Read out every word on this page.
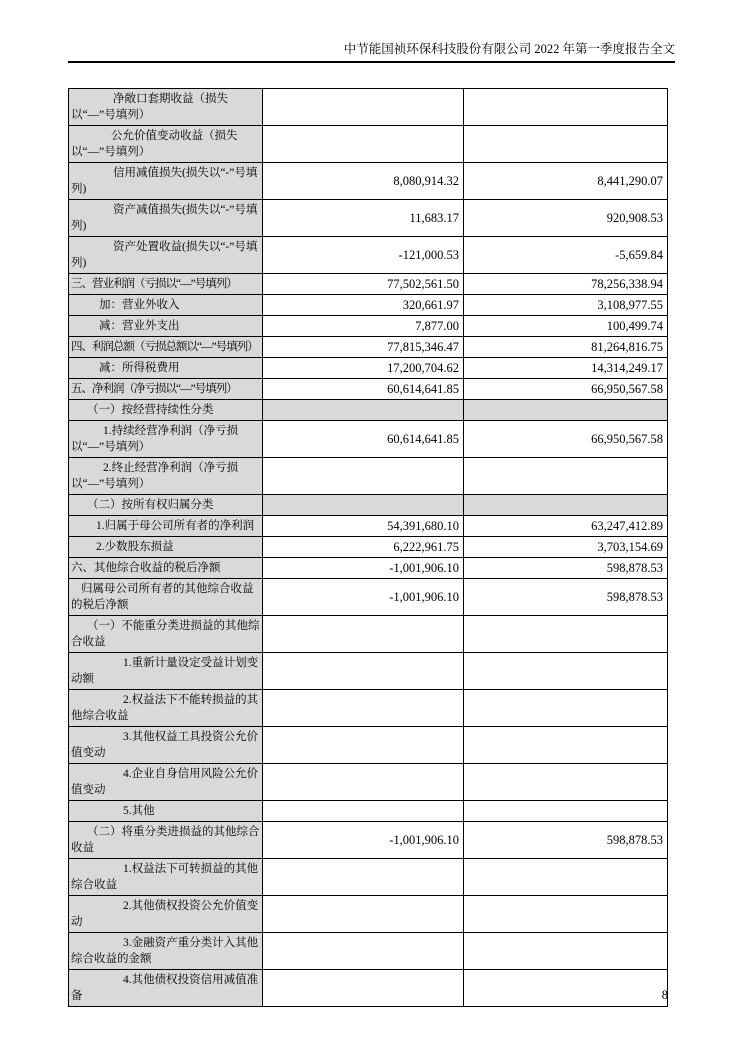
中节能国祯环保科技股份有限公司 2022 年第一季度报告全文
净敞口套期收益（损失以“—”号填列）		

公允价值变动收益（损失以“—”号填列）		

信用减值损失(损失以“-”号填列)	8,080,914.32	8,441,290.07

资产减值损失(损失以“-”号填列)	11,683.17	920,908.53

资产处置收益(损失以“-”号填列)	-121,000.53	-5,659.84

三、营业利润（亏损以“—”号填列）	77,502,561.50	78,256,338.94

加：营业外收入	320,661.97	3,108,977.55

减：营业外支出	7,877.00	100,499.74

四、利润总额（亏损总额以“—”号填列）	77,815,346.47	81,264,816.75

减：所得税费用	17,200,704.62	14,314,249.17

五、净利润（净亏损以“—”号填列）	60,614,641.85	66,950,567.58

（一）按经营持续性分类		

1.持续经营净利润（净亏损以“—”号填列）	60,614,641.85	66,950,567.58

2.终止经营净利润（净亏损以“—”号填列）		

（二）按所有权归属分类		

1.归属于母公司所有者的净利润	54,391,680.10	63,247,412.89

2.少数股东损益	6,222,961.75	3,703,154.69

六、其他综合收益的税后净额	-1,001,906.10	598,878.53

归属母公司所有者的其他综合收益的税后净额	-1,001,906.10	598,878.53

（一）不能重分类进损益的其他综合收益		

1.重新计量设定受益计划变动额		

2.权益法下不能转损益的其他综合收益		

3.其他权益工具投资公允价值变动		

4.企业自身信用风险公允价值变动		

5.其他		

（二）将重分类进损益的其他综合收益	-1,001,906.10	598,878.53

1.权益法下可转损益的其他综合收益		

2.其他债权投资公允价值变动		

3.金融资产重分类计入其他综合收益的金额		

4.其他债权投资信用减值准备		
			8
